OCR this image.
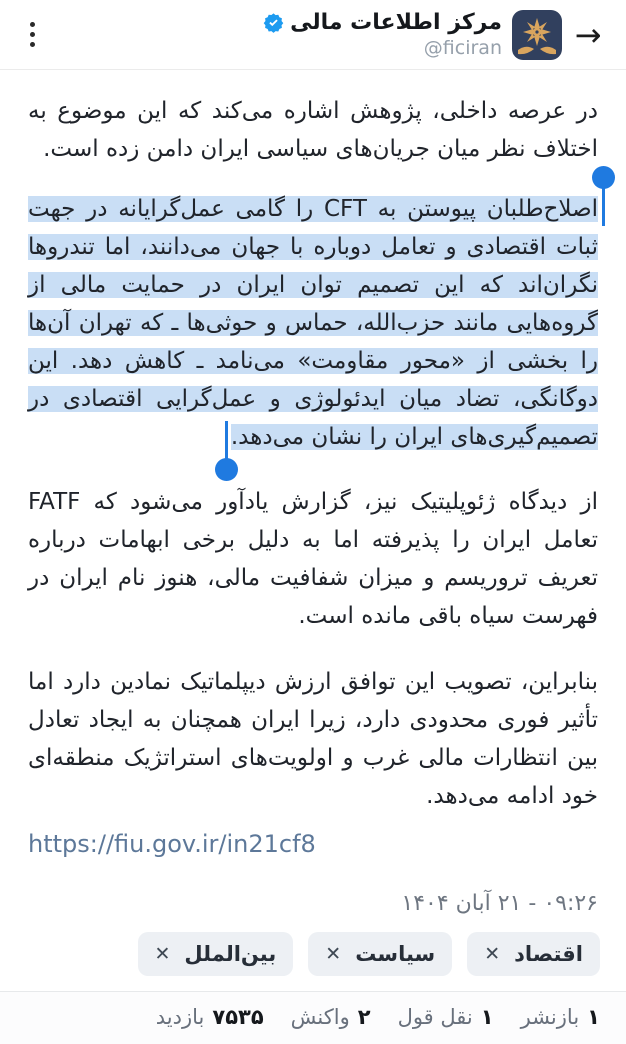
→
مرکز اطلاعات مالی
@ficiran

در عرصه داخلی، پژوهش اشاره می‌کند که این موضوع به اختلاف نظر میان جریان‌های سیاسی ایران دامن زده است.

اصلاح‌طلبان پیوستن به CFT را گامی عمل‌گرایانه در جهت ثبات اقتصادی و تعامل دوباره با جهان می‌دانند، اما تندروها نگران‌اند که این تصمیم توان ایران در حمایت مالی از گروه‌هایی مانند حزب‌الله، حماس و حوثی‌ها ـ که تهران آن‌ها را بخشی از «محور مقاومت» می‌نامد ـ کاهش دهد. این دوگانگی، تضاد میان ایدئولوژی و عمل‌گرایی اقتصادی در تصمیم‌گیری‌های ایران را نشان می‌دهد.

از دیدگاه ژئوپلیتیک نیز، گزارش یادآور می‌شود که FATF تعامل ایران را پذیرفته اما به دلیل برخی ابهامات درباره تعریف تروریسم و میزان شفافیت مالی، هنوز نام ایران در فهرست سیاه باقی مانده است.

بنابراین، تصویب این توافق ارزش دیپلماتیک نمادین دارد اما تأثیر فوری محدودی دارد، زیرا ایران همچنان به ایجاد تعادل بین انتظارات مالی غرب و اولویت‌های استراتژیک منطقه‌ای خود ادامه می‌دهد.

https://fiu.gov.ir/in21cf8

۰۹:۲۶ - ۲۱ آبان ۱۴۰۴

اقتصاد
✕
سیاست
✕
بین‌الملل
✕
۱
بازنشر
۱
نقل قول
۲
واکنش
۷۵۳۵
بازدید
